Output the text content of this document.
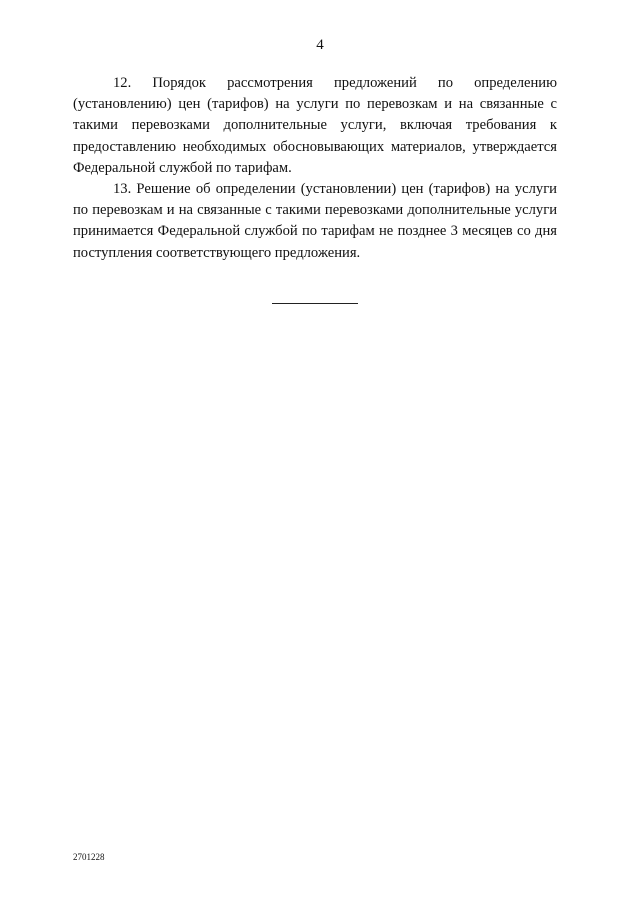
4

12. Порядок рассмотрения предложений по определению (установлению) цен (тарифов) на услуги по перевозкам и на связанные с такими перевозками дополнительные услуги, включая требования к предоставлению необходимых обосновывающих материалов, утверждается Федеральной службой по тарифам.

13. Решение об определении (установлении) цен (тарифов) на услуги по перевозкам и на связанные с такими перевозками дополнительные услуги принимается Федеральной службой по тарифам не позднее 3 месяцев со дня поступления соответствующего предложения.

2701228
